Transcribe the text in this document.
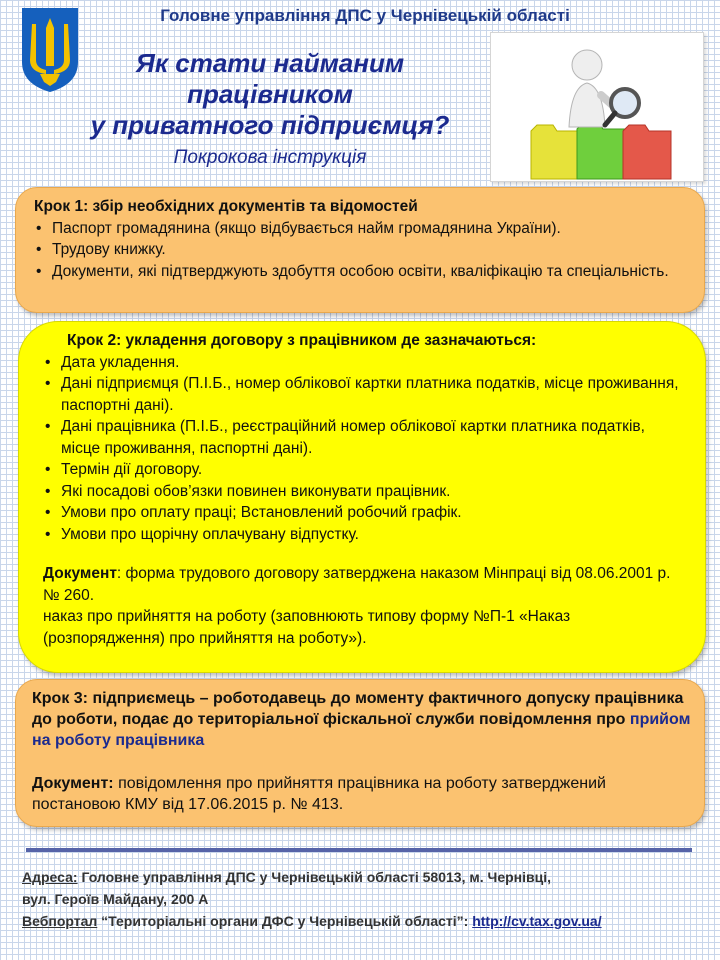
Головне управління ДПС у Чернівецькій області
Як стати найманим
працівником
у приватного підприємця?
Покрокова інструкція
Крок 1: збір необхідних документів та відомостей
• Паспорт громадянина (якщо відбувається найм громадянина України).
• Трудову книжку.
• Документи, які підтверджують здобуття особою освіти, кваліфікацію та спеціальність.
Крок 2: укладення договору з працівником де зазначаються:
• Дата укладення.
• Дані підприємця (П.І.Б., номер облікової картки платника податків, місце проживання, паспортні дані).
• Дані працівника (П.І.Б., реєстраційний номер облікової картки платника податків, місце проживання, паспортні дані).
• Термін дії договору.
• Які посадові обов’язки повинен виконувати працівник.
• Умови про оплату праці; Встановлений робочий графік.
• Умови про щорічну оплачувану відпустку.
Документ: форма трудового договору затверджена наказом Мінпраці від 08.06.2001 р. № 260.
наказ про прийняття на роботу (заповнюють типову форму №П-1 «Наказ (розпорядження) про прийняття на роботу»).
Крок 3: підприємець – роботодавець до моменту фактичного допуску працівника до роботи, подає до територіальної фіскальної служби повідомлення про прийом на роботу працівника
Документ: повідомлення про прийняття працівника на роботу затверджений постановою КМУ від 17.06.2015 р. № 413.
Адреса: Головне управління ДПС у Чернівецькій області 58013, м. Чернівці,
вул. Героїв Майдану, 200 А
Вебпортал “Територіальні органи ДФС у Чернівецькій області”: http://cv.tax.gov.ua/
